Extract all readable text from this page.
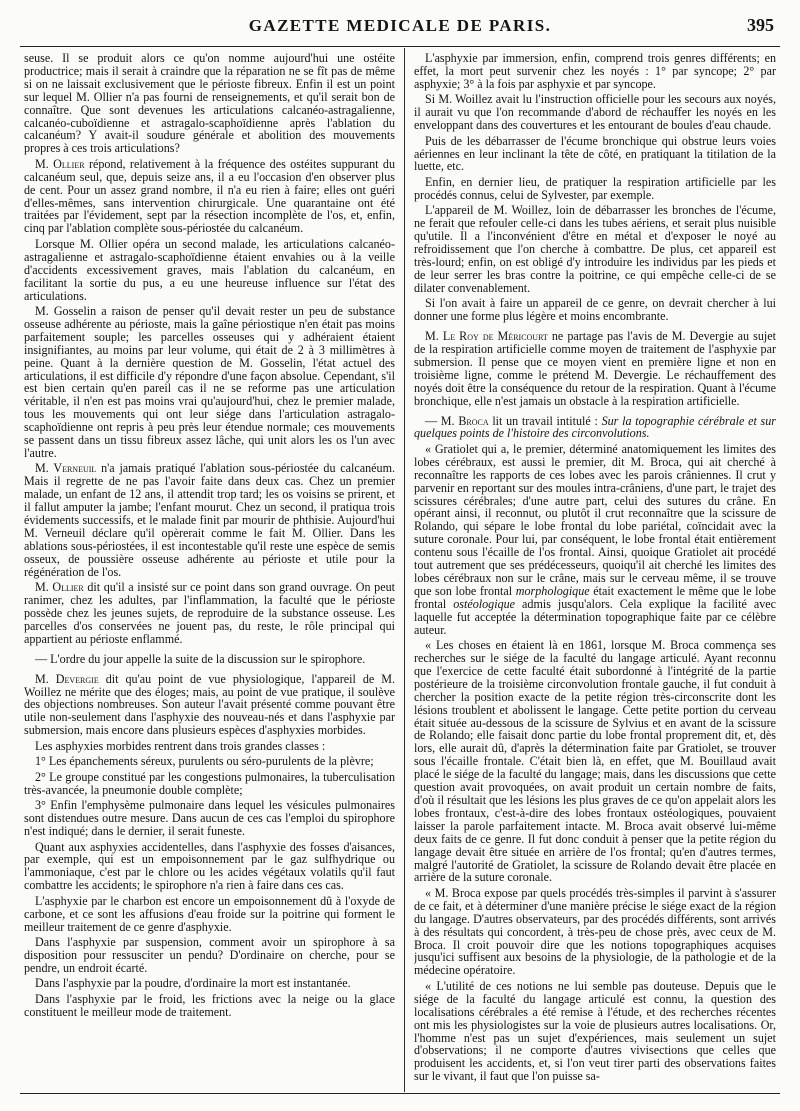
GAZETTE MEDICALE DE PARIS.	395

seuse. Il se produit alors ce qu'on nomme aujourd'hui une ostéite productrice; mais il serait à craindre que la réparation ne se fît pas de même si on ne laissait exclusivement que le périoste fibreux. Enfin il est un point sur lequel M. Ollier n'a pas fourni de renseignements, et qu'il serait bon de connaître. Que sont devenues les articulations calcanéo-astragalienne, calcanéo-cuboïdienne et astragalo-scaphoïdienne après l'ablation du calcanéum? Y avait-il soudure générale et abolition des mouvements propres à ces trois articulations?

M. Ollier répond, relativement à la fréquence des ostéites suppurant du calcanéum seul, que, depuis seize ans, il a eu l'occasion d'en observer plus de cent. Pour un assez grand nombre, il n'a eu rien à faire; elles ont guéri d'elles-mêmes, sans intervention chirurgicale. Une quarantaine ont été traitées par l'évidement, sept par la résection incomplète de l'os, et, enfin, cinq par l'ablation complète sous-périostée du calcanéum.

Lorsque M. Ollier opéra un second malade, les articulations calcanéo-astragalienne et astragalo-scaphoïdienne étaient envahies ou à la veille d'accidents excessivement graves, mais l'ablation du calcanéum, en facilitant la sortie du pus, a eu une heureuse influence sur l'état des articulations.

M. Gosselin a raison de penser qu'il devait rester un peu de substance osseuse adhérente au périoste, mais la gaîne périostique n'en était pas moins parfaitement souple; les parcelles osseuses qui y adhéraient étaient insignifiantes, au moins par leur volume, qui était de 2 à 3 millimètres à peine. Quant à la dernière question de M. Gosselin, l'état actuel des articulations, il est difficile d'y répondre d'une façon absolue. Cependant, s'il est bien certain qu'en pareil cas il ne se reforme pas une articulation véritable, il n'en est pas moins vrai qu'aujourd'hui, chez le premier malade, tous les mouvements qui ont leur siége dans l'articulation astragalo-scaphoïdienne ont repris à peu près leur étendue normale; ces mouvements se passent dans un tissu fibreux assez lâche, qui unit alors les os l'un avec l'autre.

M. Verneuil n'a jamais pratiqué l'ablation sous-périostée du calcanéum. Mais il regrette de ne pas l'avoir faite dans deux cas. Chez un premier malade, un enfant de 12 ans, il attendit trop tard; les os voisins se prirent, et il fallut amputer la jambe; l'enfant mourut. Chez un second, il pratiqua trois évidements successifs, et le malade finit par mourir de phthisie. Aujourd'hui M. Verneuil déclare qu'il opèrerait comme le fait M. Ollier. Dans les ablations sous-périostées, il est incontestable qu'il reste une espèce de semis osseux, de poussière osseuse adhérente au périoste et utile pour la régénération de l'os.

M. Ollier dit qu'il a insisté sur ce point dans son grand ouvrage. On peut ranimer, chez les adultes, par l'inflammation, la faculté que le périoste possède chez les jeunes sujets, de reproduire de la substance osseuse. Les parcelles d'os conservées ne jouent pas, du reste, le rôle principal qui appartient au périoste enflammé.

— L'ordre du jour appelle la suite de la discussion sur le spirophore.

M. Devergie dit qu'au point de vue physiologique, l'appareil de M. Woillez ne mérite que des éloges; mais, au point de vue pratique, il soulève des objections nombreuses. Son auteur l'avait présenté comme pouvant être utile non-seulement dans l'asphyxie des nouveau-nés et dans l'asphyxie par submersion, mais encore dans plusieurs espèces d'asphyxies morbides.

Les asphyxies morbides rentrent dans trois grandes classes :

1° Les épanchements séreux, purulents ou séro-purulents de la plèvre;

2° Le groupe constitué par les congestions pulmonaires, la tuberculisation très-avancée, la pneumonie double complète;

3° Enfin l'emphysème pulmonaire dans lequel les vésicules pulmonaires sont distendues outre mesure. Dans aucun de ces cas l'emploi du spirophore n'est indiqué; dans le dernier, il serait funeste.

Quant aux asphyxies accidentelles, dans l'asphyxie des fosses d'aisances, par exemple, qui est un empoisonnement par le gaz sulfhydrique ou l'ammoniaque, c'est par le chlore ou les acides végétaux volatils qu'il faut combattre les accidents; le spirophore n'a rien à faire dans ces cas.

L'asphyxie par le charbon est encore un empoisonnement dû à l'oxyde de carbone, et ce sont les affusions d'eau froide sur la poitrine qui forment le meilleur traitement de ce genre d'asphyxie.

Dans l'asphyxie par suspension, comment avoir un spirophore à sa disposition pour ressusciter un pendu? D'ordinaire on cherche, pour se pendre, un endroit écarté.

Dans l'asphyxie par la poudre, d'ordinaire la mort est instantanée.

Dans l'asphyxie par le froid, les frictions avec la neige ou la glace constituent le meilleur mode de traitement.

L'asphyxie par immersion, enfin, comprend trois genres différents; en effet, la mort peut survenir chez les noyés : 1° par syncope; 2° par asphyxie; 3° à la fois par asphyxie et par syncope.

Si M. Woillez avait lu l'instruction officielle pour les secours aux noyés, il aurait vu que l'on recommande d'abord de réchauffer les noyés en les enveloppant dans des couvertures et les entourant de boules d'eau chaude.

Puis de les débarrasser de l'écume bronchique qui obstrue leurs voies aériennes en leur inclinant la tête de côté, en pratiquant la titilation de la luette, etc.

Enfin, en dernier lieu, de pratiquer la respiration artificielle par les procédés connus, celui de Sylvester, par exemple.

L'appareil de M. Woillez, loin de débarrasser les bronches de l'écume, ne ferait que refouler celle-ci dans les tubes aériens, et serait plus nuisible qu'utile. Il a l'inconvénient d'être en métal et d'exposer le noyé au refroidissement que l'on cherche à combattre. De plus, cet appareil est très-lourd; enfin, on est obligé d'y introduire les individus par les pieds et de leur serrer les bras contre la poitrine, ce qui empêche celle-ci de se dilater convenablement.

Si l'on avait à faire un appareil de ce genre, on devrait chercher à lui donner une forme plus légère et moins encombrante.

M. Le Roy de Méricourt ne partage pas l'avis de M. Devergie au sujet de la respiration artificielle comme moyen de traitement de l'asphyxie par submersion. Il pense que ce moyen vient en première ligne et non en troisième ligne, comme le prétend M. Devergie. Le réchauffement des noyés doit être la conséquence du retour de la respiration. Quant à l'écume bronchique, elle n'est jamais un obstacle à la respiration artificielle.

— M. Broca lit un travail intitulé : Sur la topographie cérébrale et sur quelques points de l'histoire des circonvolutions.

« Gratiolet qui a, le premier, déterminé anatomiquement les limites des lobes cérébraux, est aussi le premier, dit M. Broca, qui ait cherché à reconnaître les rapports de ces lobes avec les parois crâniennes. Il crut y parvenir en reportant sur des moules intra-crâniens, d'une part, le trajet des scissures cérébrales; d'une autre part, celui des sutures du crâne. En opérant ainsi, il reconnut, ou plutôt il crut reconnaître que la scissure de Rolando, qui sépare le lobe frontal du lobe pariétal, coïncidait avec la suture coronale. Pour lui, par conséquent, le lobe frontal était entièrement contenu sous l'écaille de l'os frontal. Ainsi, quoique Gratiolet ait procédé tout autrement que ses prédécesseurs, quoiqu'il ait cherché les limites des lobes cérébraux non sur le crâne, mais sur le cerveau même, il se trouve que son lobe frontal morphologique était exactement le même que le lobe frontal ostéologique admis jusqu'alors. Cela explique la facilité avec laquelle fut acceptée la détermination topographique faite par ce célèbre auteur.

« Les choses en étaient là en 1861, lorsque M. Broca commença ses recherches sur le siége de la faculté du langage articulé. Ayant reconnu que l'exercice de cette faculté était subordonné à l'intégrité de la partie postérieure de la troisième circonvolution frontale gauche, il fut conduit à chercher la position exacte de la petite région très-circonscrite dont les lésions troublent et abolissent le langage. Cette petite portion du cerveau était située au-dessous de la scissure de Sylvius et en avant de la scissure de Rolando; elle faisait donc partie du lobe frontal proprement dit, et, dès lors, elle aurait dû, d'après la détermination faite par Gratiolet, se trouver sous l'écaille frontale. C'était bien là, en effet, que M. Bouillaud avait placé le siége de la faculté du langage; mais, dans les discussions que cette question avait provoquées, on avait produit un certain nombre de faits, d'où il résultait que les lésions les plus graves de ce qu'on appelait alors les lobes frontaux, c'est-à-dire des lobes frontaux ostéologiques, pouvaient laisser la parole parfaitement intacte. M. Broca avait observé lui-même deux faits de ce genre. Il fut donc conduit à penser que la petite région du langage devait être située en arrière de l'os frontal; qu'en d'autres termes, malgré l'autorité de Gratiolet, la scissure de Rolando devait être placée en arrière de la suture coronale.

« M. Broca expose par quels procédés très-simples il parvint à s'assurer de ce fait, et à déterminer d'une manière précise le siége exact de la région du langage. D'autres observateurs, par des procédés différents, sont arrivés à des résultats qui concordent, à très-peu de chose près, avec ceux de M. Broca. Il croit pouvoir dire que les notions topographiques acquises jusqu'ici suffisent aux besoins de la physiologie, de la pathologie et de la médecine opératoire.

« L'utilité de ces notions ne lui semble pas douteuse. Depuis que le siége de la faculté du langage articulé est connu, la question des localisations cérébrales a été remise à l'étude, et des recherches récentes ont mis les physiologistes sur la voie de plusieurs autres localisations. Or, l'homme n'est pas un sujet d'expériences, mais seulement un sujet d'observations; il ne comporte d'autres vivisections que celles que produisent les accidents, et, si l'on veut tirer parti des observations faites sur le vivant, il faut que l'on puisse sa-
